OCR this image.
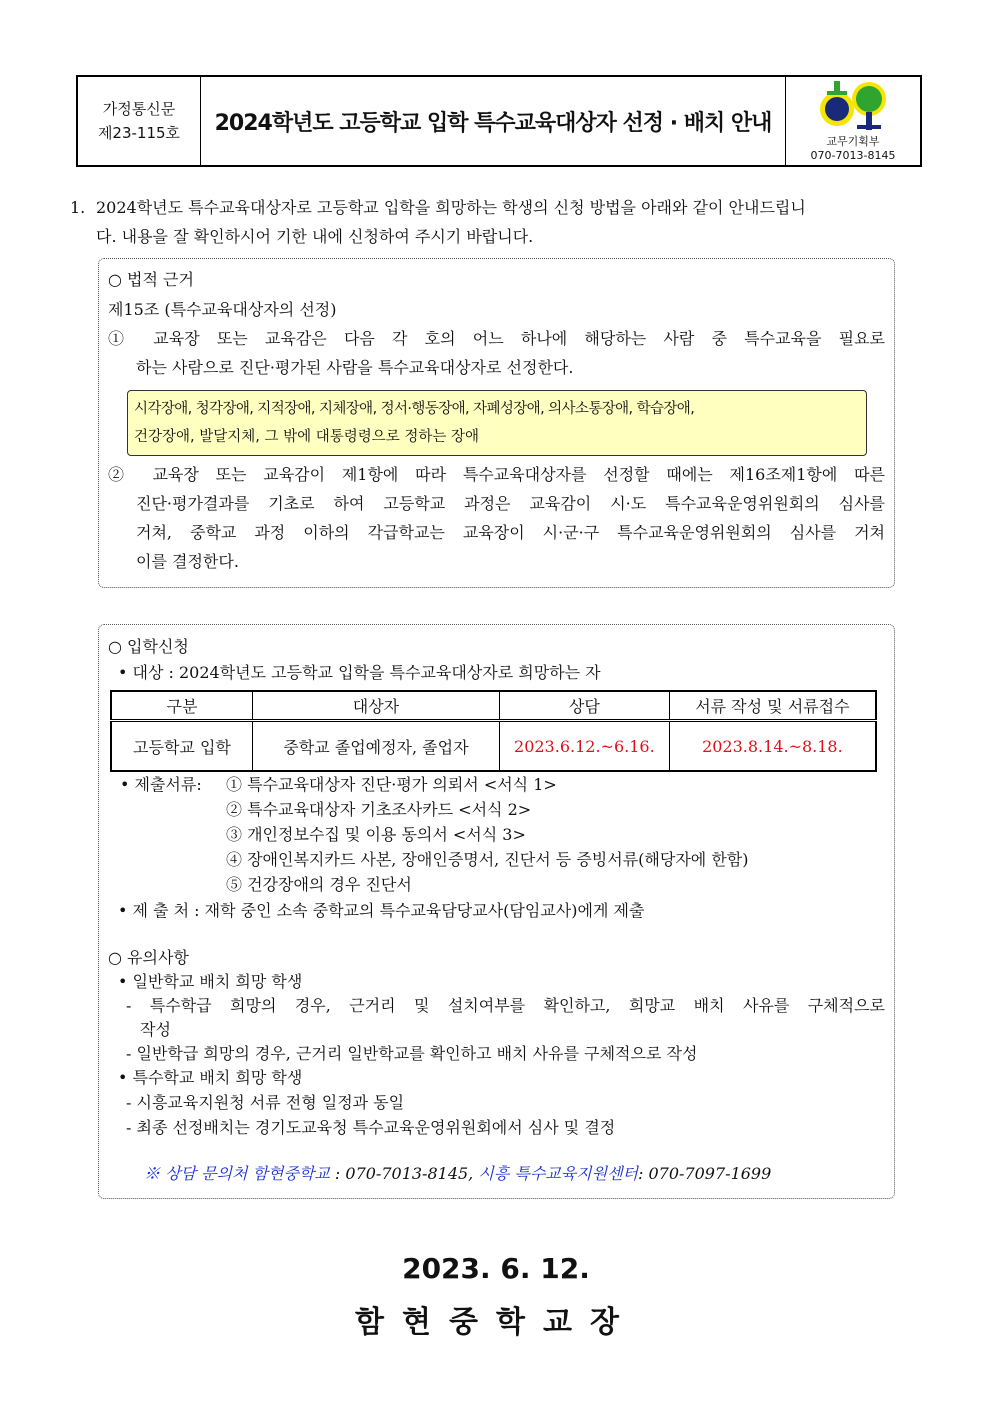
가정통신문
제23-115호	2024학년도 고등학교 입학 특수교육대상자 선정 · 배치 안내
교무기획부
070-7013-8145
1. 2024학년도 특수교육대상자로 고등학교 입학을 희망하는 학생의 신청 방법을 아래와 같이 안내드립니
다. 내용을 잘 확인하시어 기한 내에 신청하여 주시기 바랍니다.
○ 법적 근거
제15조 (특수교육대상자의 선정)
① 교육장 또는 교육감은 다음 각 호의 어느 하나에 해당하는 사람 중 특수교육을 필요로
하는 사람으로 진단·평가된 사람을 특수교육대상자로 선정한다.
시각장애, 청각장애, 지적장애, 지체장애, 정서·행동장애, 자폐성장애, 의사소통장애, 학습장애,
건강장애, 발달지체, 그 밖에 대통령령으로 정하는 장애
② 교육장 또는 교육감이 제1항에 따라 특수교육대상자를 선정할 때에는 제16조제1항에 따른
진단·평가결과를 기초로 하여 고등학교 과정은 교육감이 시·도 특수교육운영위원회의 심사를
거쳐, 중학교 과정 이하의 각급학교는 교육장이 시·군·구 특수교육운영위원회의 심사를 거쳐
이를 결정한다.
○ 입학신청
• 대상 : 2024학년도 고등학교 입학을 특수교육대상자로 희망하는 자
구분	대상자	상담	서류 작성 및 서류접수
고등학교 입학	중학교 졸업예정자, 졸업자	2023.6.12.~6.16.	2023.8.14.~8.18.
• 제출서류: ① 특수교육대상자 진단·평가 의뢰서 <서식 1>
② 특수교육대상자 기초조사카드 <서식 2>
③ 개인정보수집 및 이용 동의서 <서식 3>
④ 장애인복지카드 사본, 장애인증명서, 진단서 등 증빙서류(해당자에 한함)
⑤ 건강장애의 경우 진단서
• 제 출 처 : 재학 중인 소속 중학교의 특수교육담당교사(담임교사)에게 제출
○ 유의사항
• 일반학교 배치 희망 학생
- 특수학급 희망의 경우, 근거리 및 설치여부를 확인하고, 희망교 배치 사유를 구체적으로
작성
- 일반학급 희망의 경우, 근거리 일반학교를 확인하고 배치 사유를 구체적으로 작성
• 특수학교 배치 희망 학생
- 시흥교육지원청 서류 전형 일정과 동일
- 최종 선정배치는 경기도교육청 특수교육운영위원회에서 심사 및 결정
※ 상담 문의처 함현중학교 : 070-7013-8145, 시흥 특수교육지원센터: 070-7097-1699
2023. 6. 12.
함현중학교장
